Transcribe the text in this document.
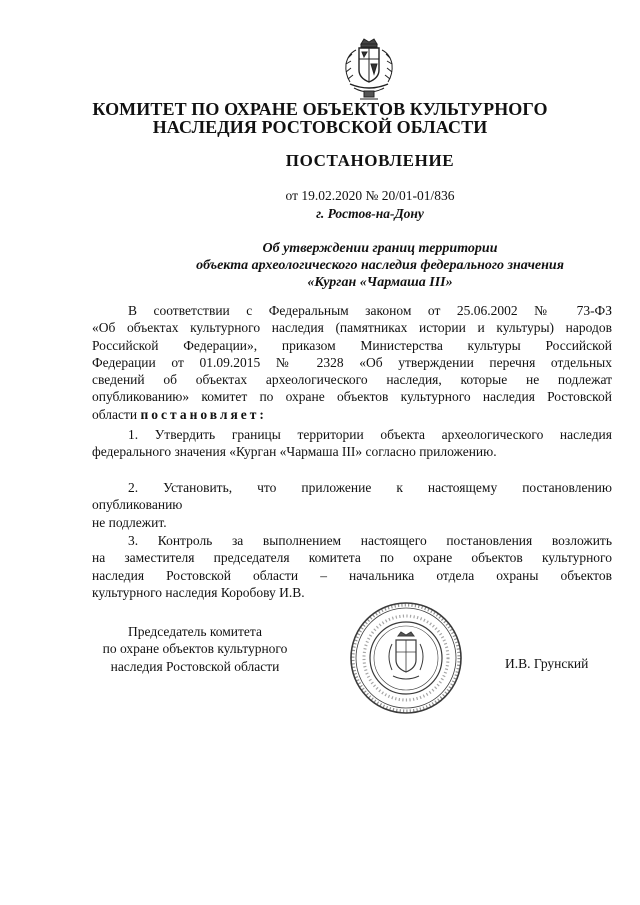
КОМИТЕТ ПО ОХРАНЕ ОБЪЕКТОВ КУЛЬТУРНОГО
НАСЛЕДИЯ РОСТОВСКОЙ ОБЛАСТИ
ПОСТАНОВЛЕНИЕ
от 19.02.2020 № 20/01-01/836
г. Ростов-на-Дону
Об утверждении границ территории
объекта археологического наследия федерального значения
«Курган «Чармаша III»
В соответствии с Федеральным законом от 25.06.2002 № 73-ФЗ
«Об объектах культурного наследия (памятниках истории и культуры) народов
Российской Федерации», приказом Министерства культуры Российской
Федерации от 01.09.2015 № 2328 «Об утверждении перечня отдельных
сведений об объектах археологического наследия, которые не подлежат
опубликованию» комитет по охране объектов культурного наследия Ростовской
области постановляет:
1. Утвердить границы территории объекта археологического наследия
федерального значения «Курган «Чармаша III» согласно приложению.
2. Установить, что приложение к настоящему постановлению
опубликованию
не подлежит.
3. Контроль за выполнением настоящего постановления возложить
на заместителя председателя комитета по охране объектов культурного
наследия Ростовской области – начальника отдела охраны объектов
культурного наследия Коробову И.В.
Председатель комитета
по охране объектов культурного
наследия Ростовской области	И.В. Грунский
